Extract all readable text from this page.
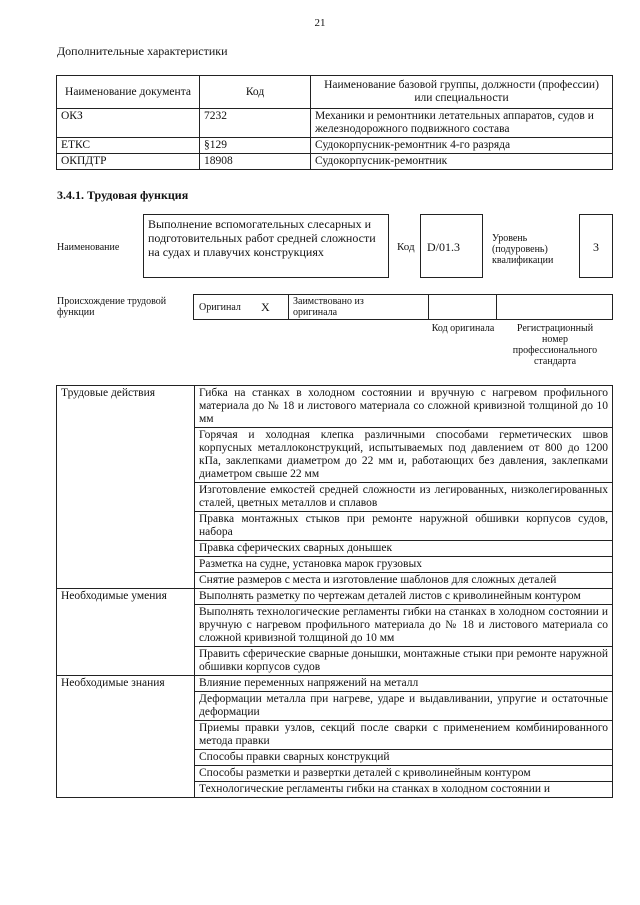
21
Дополнительные характеристики
Наименование документа	Код	Наименование базовой группы, должности (профессии) или специальности
ОКЗ	7232	Механики и ремонтники летательных аппаратов, судов и железнодорожного подвижного состава
ЕТКС	§129	Судокорпусник-ремонтник 4-го разряда
ОКПДТР	18908	Судокорпусник-ремонтник
3.4.1. Трудовая функция
Наименование
Выполнение вспомогательных слесарных и подготовительных работ средней сложности на судах и плавучих конструкциях	Код	D/01.3
Уровень (подуровень) квалификации
3
Происхождение трудовой функции	Оригинал X Заимствовано из оригинала
Код оригинала	Регистрационный номер профессионального стандарта
Трудовые действия	Гибка на станках в холодном состоянии и вручную с нагревом профильного материала до № 18 и листового материала со сложной кривизной толщиной до 10 мм
	Горячая и холодная клепка различными способами герметических швов корпусных металлоконструкций, испытываемых под давлением от 800 до 1200 кПа, заклепками диаметром до 22 мм и, работающих без давления, заклепками диаметром свыше 22 мм
	Изготовление емкостей средней сложности из легированных, низколегированных сталей, цветных металлов и сплавов
	Правка монтажных стыков при ремонте наружной обшивки корпусов судов, набора
	Правка сферических сварных донышек
	Разметка на судне, установка марок грузовых
	Снятие размеров с места и изготовление шаблонов для сложных деталей
Необходимые умения	Выполнять разметку по чертежам деталей листов с криволинейным контуром
	Выполнять технологические регламенты гибки на станках в холодном состоянии и вручную с нагревом профильного материала до № 18 и листового материала со сложной кривизной толщиной до 10 мм
	Править сферические сварные донышки, монтажные стыки при ремонте наружной обшивки корпусов судов
Необходимые знания	Влияние переменных напряжений на металл
	Деформации металла при нагреве, ударе и выдавливании, упругие и остаточные деформации
	Приемы правки узлов, секций после сварки с применением комбинированного метода правки
	Способы правки сварных конструкций
	Способы разметки и развертки деталей с криволинейным контуром
	Технологические регламенты гибки на станках в холодном состоянии и
